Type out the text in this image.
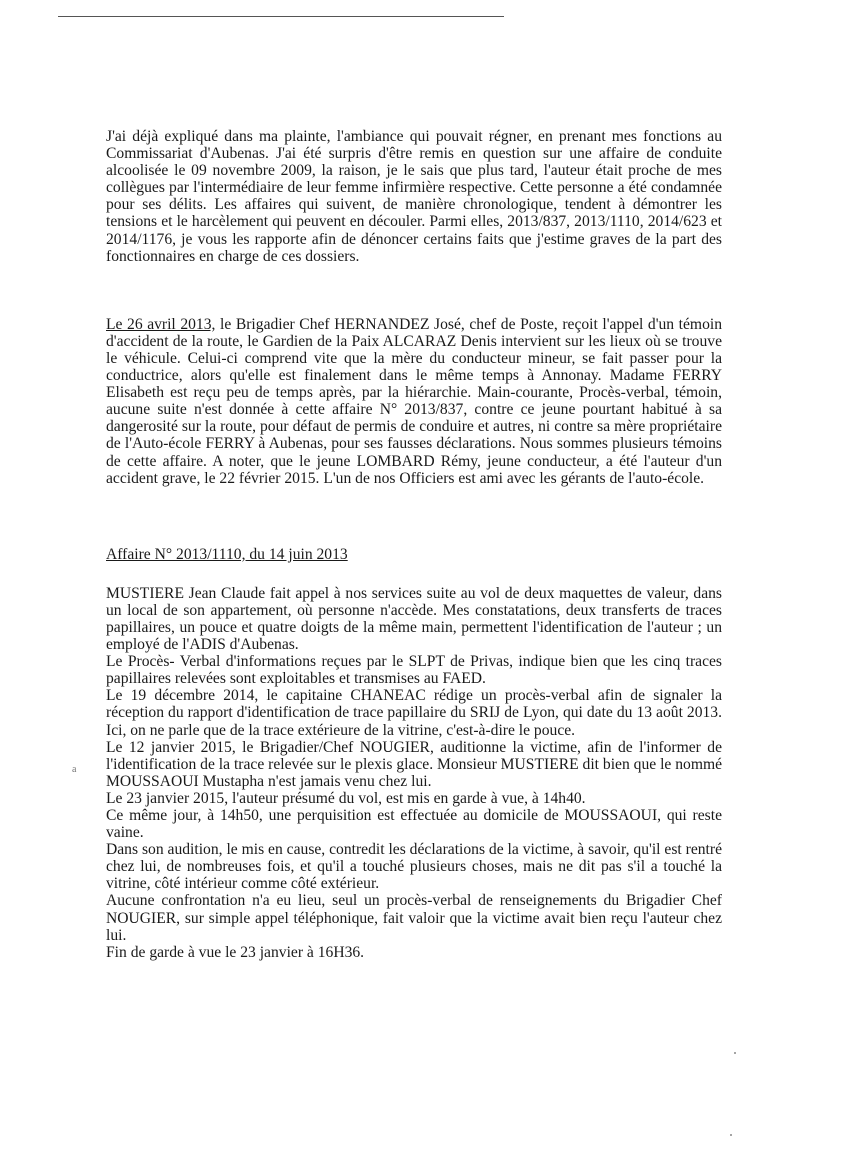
J'ai déjà expliqué dans ma plainte, l'ambiance qui pouvait régner, en prenant mes fonctions au Commissariat d'Aubenas. J'ai été surpris d'être remis en question sur une affaire de conduite alcoolisée le 09 novembre 2009, la raison, je le sais que plus tard, l'auteur était proche de mes collègues par l'intermédiaire de leur femme infirmière respective. Cette personne a été condamnée pour ses délits. Les affaires qui suivent, de manière chronologique, tendent à démontrer les tensions et le harcèlement qui peuvent en découler. Parmi elles, 2013/837, 2013/1110, 2014/623 et 2014/1176, je vous les rapporte afin de dénoncer certains faits que j'estime graves de la part des fonctionnaires en charge de ces dossiers.

Le 26 avril 2013, le Brigadier Chef HERNANDEZ José, chef de Poste, reçoit l'appel d'un témoin d'accident de la route, le Gardien de la Paix ALCARAZ Denis intervient sur les lieux où se trouve le véhicule. Celui-ci comprend vite que la mère du conducteur mineur, se fait passer pour la conductrice, alors qu'elle est finalement dans le même temps à Annonay. Madame FERRY Elisabeth est reçu peu de temps après, par la hiérarchie. Main-courante, Procès-verbal, témoin, aucune suite n'est donnée à cette affaire N° 2013/837, contre ce jeune pourtant habitué à sa dangerosité sur la route, pour défaut de permis de conduire et autres, ni contre sa mère propriétaire de l'Auto-école FERRY à Aubenas, pour ses fausses déclarations. Nous sommes plusieurs témoins de cette affaire. A noter, que le jeune LOMBARD Rémy, jeune conducteur, a été l'auteur d'un accident grave, le 22 février 2015. L'un de nos Officiers est ami avec les gérants de l'auto-école.

Affaire N° 2013/1110, du 14 juin 2013

MUSTIERE Jean Claude fait appel à nos services suite au vol de deux maquettes de valeur, dans un local de son appartement, où personne n'accède. Mes constatations, deux transferts de traces papillaires, un pouce et quatre doigts de la même main, permettent l'identification de l'auteur ; un employé de l'ADIS d'Aubenas.

Le Procès- Verbal d'informations reçues par le SLPT de Privas, indique bien que les cinq traces papillaires relevées sont exploitables et transmises au FAED.

Le 19 décembre 2014, le capitaine CHANEAC rédige un procès-verbal afin de signaler la réception du rapport d'identification de trace papillaire du SRIJ de Lyon, qui date du 13 août 2013. Ici, on ne parle que de la trace extérieure de la vitrine, c'est-à-dire le pouce.

Le 12 janvier 2015, le Brigadier/Chef NOUGIER, auditionne la victime, afin de l'informer de l'identification de la trace relevée sur le plexis glace. Monsieur MUSTIERE dit bien que le nommé MOUSSAOUI Mustapha n'est jamais venu chez lui.

Le 23 janvier 2015, l'auteur présumé du vol, est mis en garde à vue, à 14h40.

Ce même jour, à 14h50, une perquisition est effectuée au domicile de MOUSSAOUI, qui reste vaine.

Dans son audition, le mis en cause, contredit les déclarations de la victime, à savoir, qu'il est rentré chez lui, de nombreuses fois, et qu'il a touché plusieurs choses, mais ne dit pas s'il a touché la vitrine, côté intérieur comme côté extérieur.

Aucune confrontation n'a eu lieu, seul un procès-verbal de renseignements du Brigadier Chef NOUGIER, sur simple appel téléphonique, fait valoir que la victime avait bien reçu l'auteur chez lui.

Fin de garde à vue le 23 janvier à 16H36.

a
